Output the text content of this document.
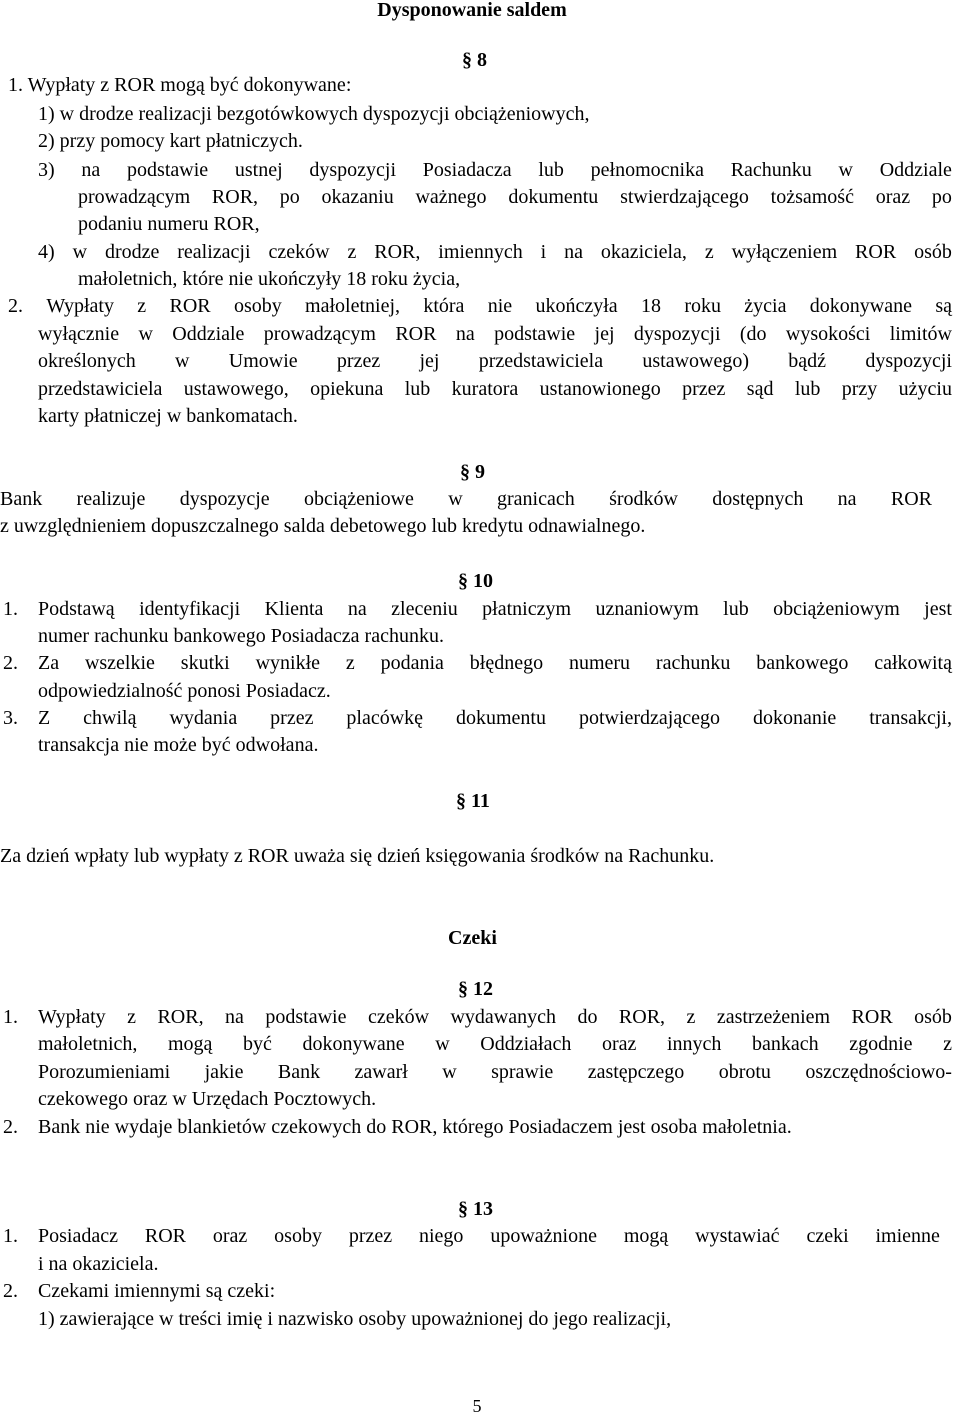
Dysponowanie saldem
§ 8
1. Wypłaty z ROR mogą być dokonywane:
1) w drodze realizacji bezgotówkowych dyspozycji obciążeniowych,
2) przy pomocy kart płatniczych.
3) na podstawie ustnej dyspozycji Posiadacza lub pełnomocnika Rachunku w Oddziale
prowadzącym ROR, po okazaniu ważnego dokumentu stwierdzającego tożsamość oraz po
podaniu numeru ROR,
4) w drodze realizacji czeków z ROR, imiennych i na okaziciela, z wyłączeniem ROR osób
małoletnich, które nie ukończyły 18 roku życia,
2. Wypłaty z ROR osoby małoletniej, która nie ukończyła 18 roku życia dokonywane są
wyłącznie w Oddziale prowadzącym ROR na podstawie jej dyspozycji (do wysokości limitów
określonych w Umowie przez jej przedstawiciela ustawowego) bądź dyspozycji
przedstawiciela ustawowego, opiekuna lub kuratora ustanowionego przez sąd lub przy użyciu
karty płatniczej w bankomatach.
§ 9
Bank realizuje dyspozycje obciążeniowe w granicach środków dostępnych na ROR
z uwzględnieniem dopuszczalnego salda debetowego lub kredytu odnawialnego.
§ 10
1.	Podstawą identyfikacji Klienta na zleceniu płatniczym uznaniowym lub obciążeniowym jest
numer rachunku bankowego Posiadacza rachunku.
2.	Za wszelkie skutki wynikłe z podania błędnego numeru rachunku bankowego całkowitą
odpowiedzialność ponosi Posiadacz.
3.	Z chwilą wydania przez placówkę dokumentu potwierdzającego dokonanie transakcji,
transakcja nie może być odwołana.
§ 11
Za dzień wpłaty lub wypłaty z ROR uważa się dzień księgowania środków na Rachunku.
Czeki
§ 12
1.	Wypłaty z ROR, na podstawie czeków wydawanych do ROR, z zastrzeżeniem ROR osób
małoletnich, mogą być dokonywane w Oddziałach oraz innych bankach zgodnie z
Porozumieniami jakie Bank zawarł w sprawie zastępczego obrotu oszczędnościowo-
czekowego oraz w Urzędach Pocztowych.
2.	Bank nie wydaje blankietów czekowych do ROR, którego Posiadaczem jest osoba małoletnia.
§ 13
1.	Posiadacz ROR oraz osoby przez niego upoważnione mogą wystawiać czeki imienne
i na okaziciela.
2.	Czekami imiennymi są czeki:
1) zawierające w treści imię i nazwisko osoby upoważnionej do jego realizacji,
5
